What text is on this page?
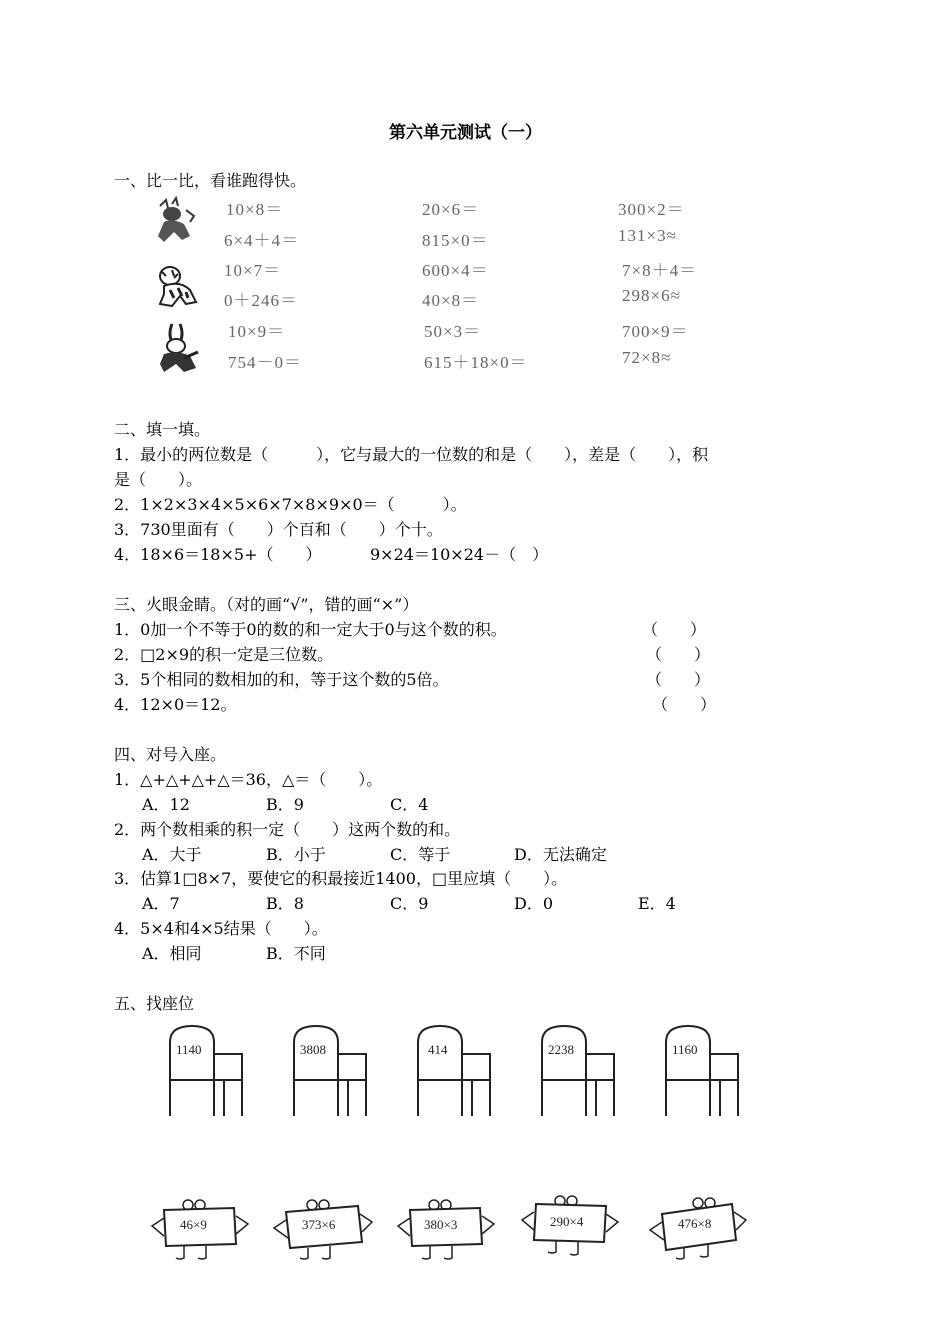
第六单元测试（一）
一、比一比，看谁跑得快。
10×8＝	20×6＝	300×2＝
6×4＋4＝	815×0＝	131×3≈
10×7＝	600×4＝	7×8＋4＝
0＋246＝	40×8＝	298×6≈
10×9＝	50×3＝	700×9＝
754－0＝	615＋18×0＝	72×8≈
二、填一填。
1．最小的两位数是（　　　），它与最大的一位数的和是（　　），差是（　　），积
是（　　）。
2．1×2×3×4×5×6×7×8×9×0＝（　　　）。
3．730里面有（　　）个百和（　　）个十。
4．18×6＝18×5+（　　）	9×24＝10×24－（　）
三、火眼金睛。（对的画“√”，错的画“×”）
1．0加一个不等于0的数的和一定大于0与这个数的积。	（　　）
2．□2×9的积一定是三位数。	（　　）
3．5个相同的数相加的和，等于这个数的5倍。	（　　）
4．12×0＝12。	（　　）
四、对号入座。
1．△+△+△+△＝36，△＝（　　）。
A．12	B．9	C．4
2．两个数相乘的积一定（　　）这两个数的和。
A．大于	B．小于	C．等于	D．无法确定
3．估算1□8×7，要使它的积最接近1400，□里应填（　　）。
A．7	B．8	C．9	D．0	E．4
4．5×4和4×5结果（　　）。
A．相同	B．不同
五、找座位
1140	3808	414	2238	1160
46×9	373×6	380×3	290×4	476×8
